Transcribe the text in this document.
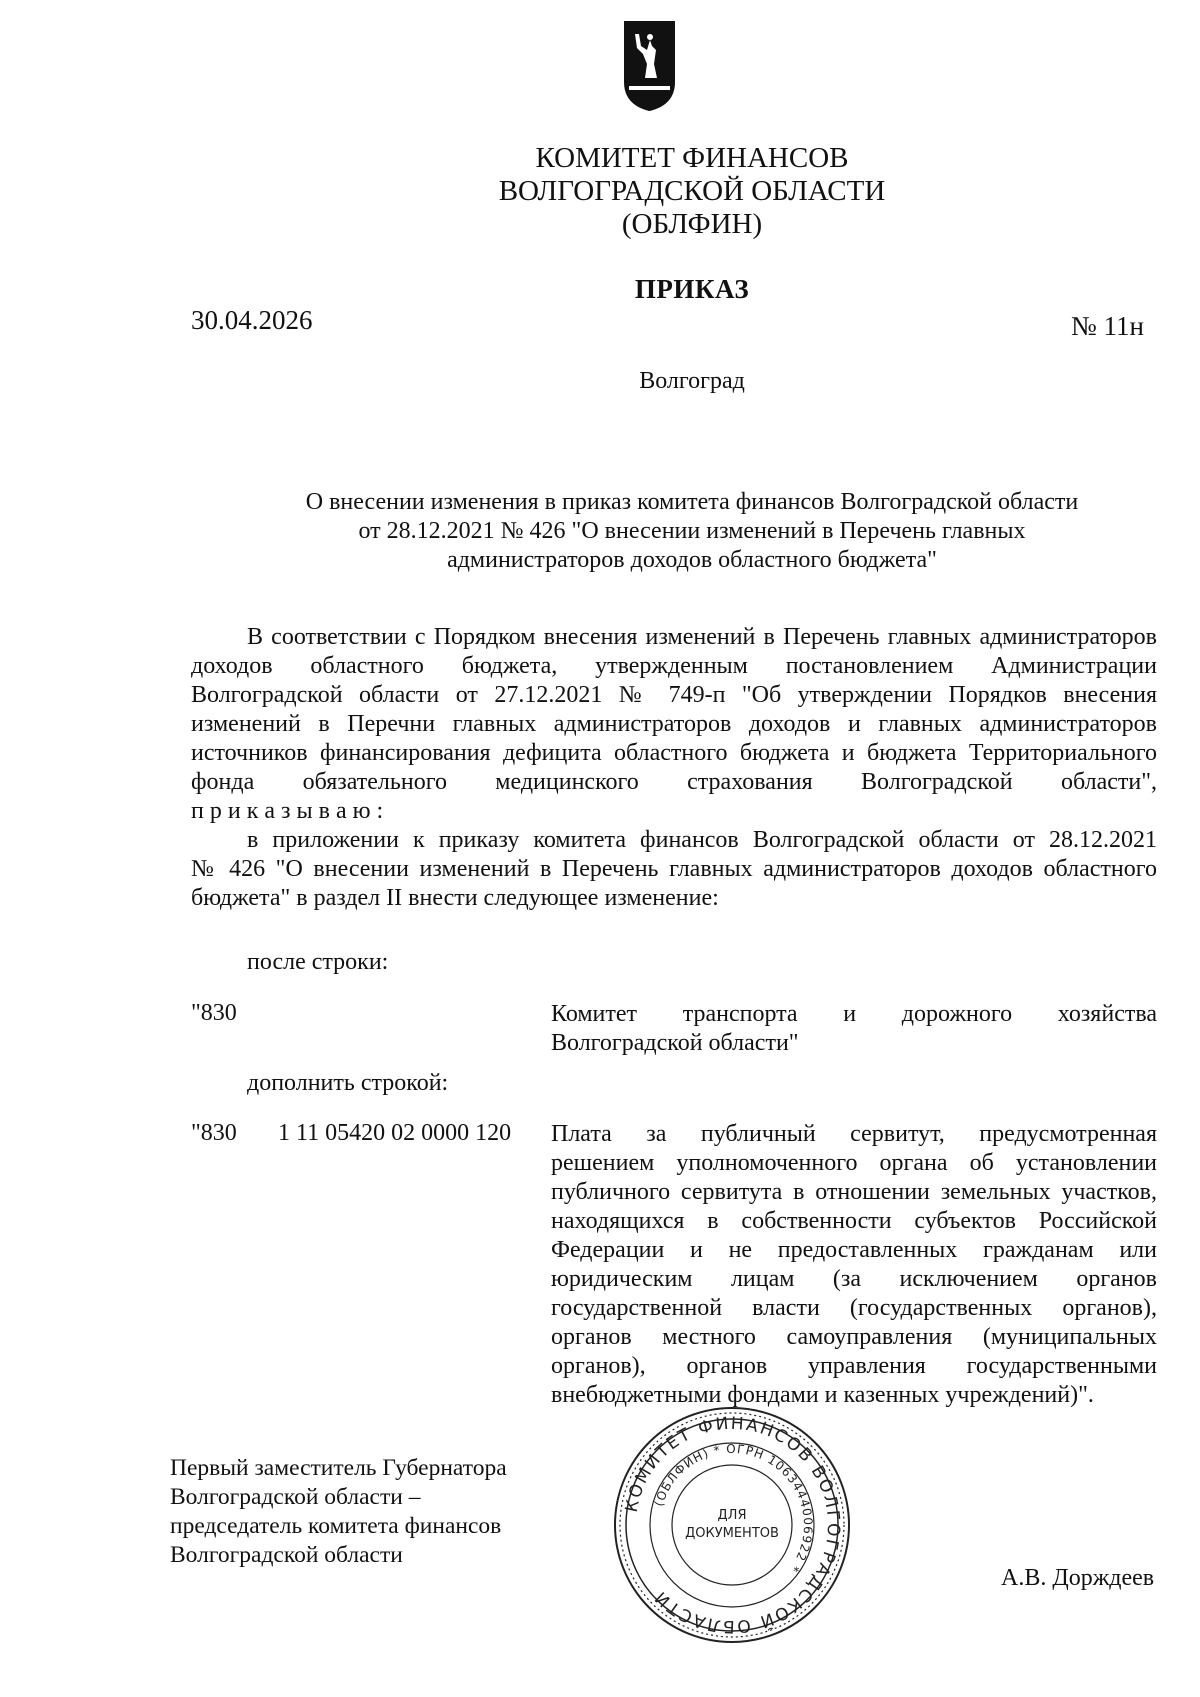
КОМИТЕТ ФИНАНСОВ
ВОЛГОГРАДСКОЙ ОБЛАСТИ
(ОБЛФИН)
ПРИКАЗ
30.04.2026	№ 11н
Волгоград
О внесении изменения в приказ комитета финансов Волгоградской области
от 28.12.2021 № 426 "О внесении изменений в Перечень главных
администраторов доходов областного бюджета"
В соответствии с Порядком внесения изменений в Перечень главных администраторов
доходов областного бюджета, утвержденным постановлением Администрации
Волгоградской области от 27.12.2021 № 749-п "Об утверждении Порядков внесения
изменений в Перечни главных администраторов доходов и главных администраторов
источников финансирования дефицита областного бюджета и бюджета Территориального
фонда обязательного медицинского страхования Волгоградской области",
п р и к а з ы в а ю :
в приложении к приказу комитета финансов Волгоградской области от 28.12.2021
№ 426 "О внесении изменений в Перечень главных администраторов доходов областного
бюджета" в раздел II внести следующее изменение:
после строки:
"830	Комитет транспорта и дорожного хозяйства
Волгоградской области"
дополнить строкой:
"830 1 11 05420 02 0000 120 Плата за публичный сервитут, предусмотренная
решением уполномоченного органа об установлении
публичного сервитута в отношении земельных участков,
находящихся в собственности субъектов Российской
Федерации и не предоставленных гражданам или
юридическим лицам (за исключением органов
государственной власти (государственных органов),
органов местного самоуправления (муниципальных
органов), органов управления государственными
внебюджетными фондами и казенных учреждений)".
Первый заместитель Губернатора
Волгоградской области –
председатель комитета финансов
Волгоградской области
КОМИТЕТ ФИНАНСОВ ВОЛГОГРАДСКОЙ ОБЛАСТИ
(ОБЛФИН) * ОГРН 1063444006922 *
ДЛЯ
ДОКУМЕНТОВ
А.В. Дорждеев
